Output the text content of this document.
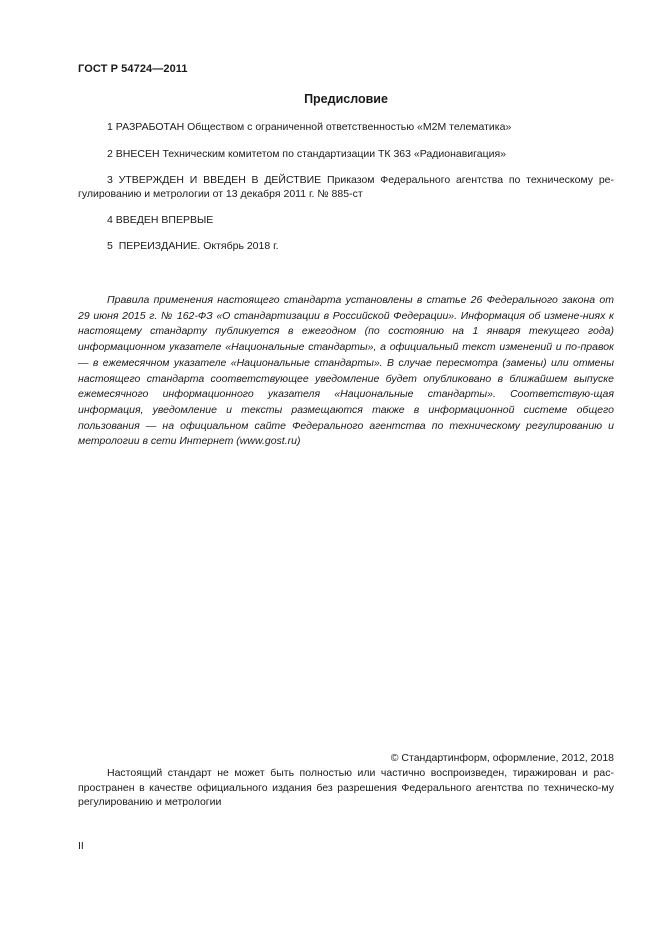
ГОСТ Р 54724—2011
Предисловие
1 РАЗРАБОТАН Обществом с ограниченной ответственностью «М2М телематика»
2 ВНЕСЕН Техническим комитетом по стандартизации ТК 363 «Радионавигация»
3 УТВЕРЖДЕН И ВВЕДЕН В ДЕЙСТВИЕ Приказом Федерального агентства по техническому ре-гулированию и метрологии от 13 декабря 2011 г. № 885-ст
4 ВВЕДЕН ВПЕРВЫЕ
5 ПЕРЕИЗДАНИЕ. Октябрь 2018 г.
Правила применения настоящего стандарта установлены в статье 26 Федерального закона от 29 июня 2015 г. № 162-ФЗ «О стандартизации в Российской Федерации». Информация об измене-ниях к настоящему стандарту публикуется в ежегодном (по состоянию на 1 января текущего года) информационном указателе «Национальные стандарты», а официальный текст изменений и по-правок — в ежемесячном указателе «Национальные стандарты». В случае пересмотра (замены) или отмены настоящего стандарта соответствующее уведомление будет опубликовано в ближайшем выпуске ежемесячного информационного указателя «Национальные стандарты». Соответствую-щая информация, уведомление и тексты размещаются также в информационной системе общего пользования — на официальном сайте Федерального агентства по техническому регулированию и метрологии в сети Интернет (www.gost.ru)
© Стандартинформ, оформление, 2012, 2018
Настоящий стандарт не может быть полностью или частично воспроизведен, тиражирован и рас-пространен в качестве официального издания без разрешения Федерального агентства по техническо-му регулированию и метрологии
II
